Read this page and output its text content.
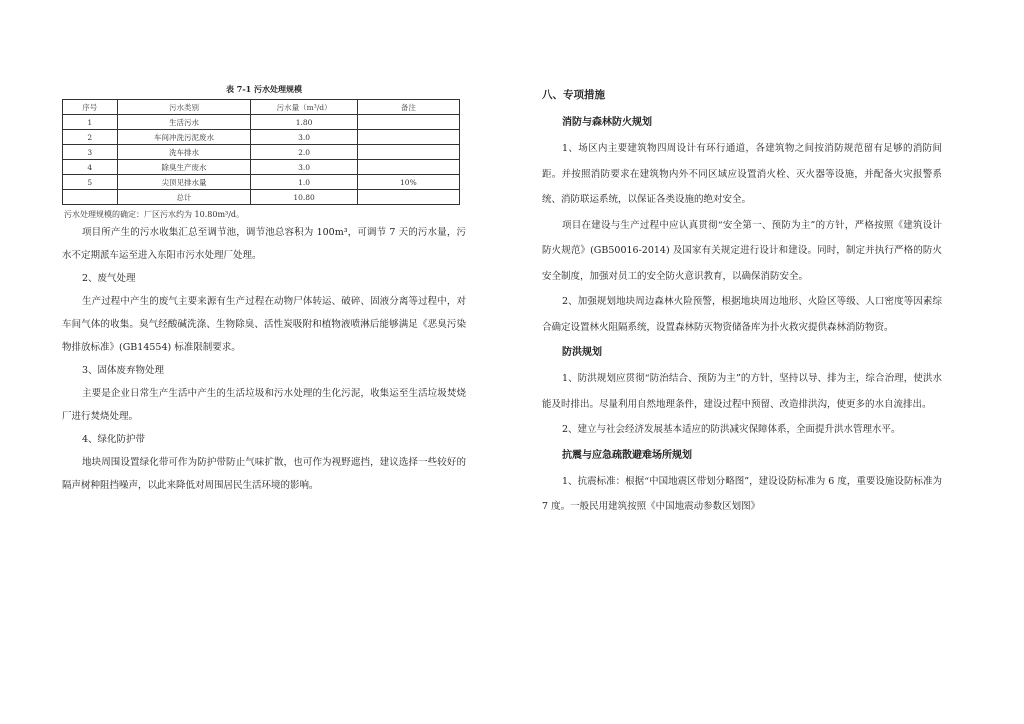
表 7-1 污水处理规模
序号	污水类别	污水量（m³/d）	备注
1	生活污水	1.80	
2	车间冲洗污泥废水	3.0	
3	洗车排水	2.0	
4	除臭生产废水	3.0	
5	尖顶见排水量	1.0	10%
	总计	10.80	
污水处理规模的确定：厂区污水约为 10.80m³/d。

项目所产生的污水收集汇总至调节池，调节池总容积为 100m³，可调节 7 天的污水量，污水不定期派车运至进入东阳市污水处理厂处理。

2、废气处理

生产过程中产生的废气主要来源有生产过程在动物尸体转运、破碎、固液分离等过程中，对车间气体的收集。臭气经酸碱洗涤、生物除臭、活性炭吸附和植物液喷淋后能够满足《恶臭污染物排放标准》(GB14554) 标准限制要求。

3、固体废弃物处理

主要是企业日常生产生活中产生的生活垃圾和污水处理的生化污泥，收集运至生活垃圾焚烧厂进行焚烧处理。

4、绿化防护带

地块周围设置绿化带可作为防护带防止气味扩散，也可作为视野遮挡，建议选择一些较好的隔声树种阻挡噪声，以此来降低对周围居民生活环境的影响。

八、专项措施

消防与森林防火规划

1、场区内主要建筑物四周设计有环行通道，各建筑物之间按消防规范留有足够的消防间距。并按照消防要求在建筑物内外不同区域应设置消火栓、灭火器等设施，并配备火灾报警系统、消防联运系统，以保证各类设施的绝对安全。

项目在建设与生产过程中应认真贯彻“安全第一、预防为主”的方针，严格按照《建筑设计防火规范》(GB50016-2014) 及国家有关规定进行设计和建设。同时，制定并执行严格的防火安全制度，加强对员工的安全防火意识教育，以确保消防安全。

2、加强规划地块周边森林火险预警，根据地块周边地形、火险区等级、人口密度等因素综合确定设置林火阻隔系统，设置森林防灭物资储备库为扑火救灾提供森林消防物资。

防洪规划

1、防洪规划应贯彻“防治结合、预防为主”的方针，坚持以导、排为主，综合治理，使洪水能及时排出。尽量利用自然地理条件，建设过程中预留、改造排洪沟，使更多的水自流排出。

2、建立与社会经济发展基本适应的防洪减灾保障体系，全面提升洪水管理水平。

抗震与应急疏散避难场所规划

1、抗震标准：根据“中国地震区带划分略图”，建设设防标准为 6 度，重要设施设防标准为 7 度。一般民用建筑按照《中国地震动参数区划图》
